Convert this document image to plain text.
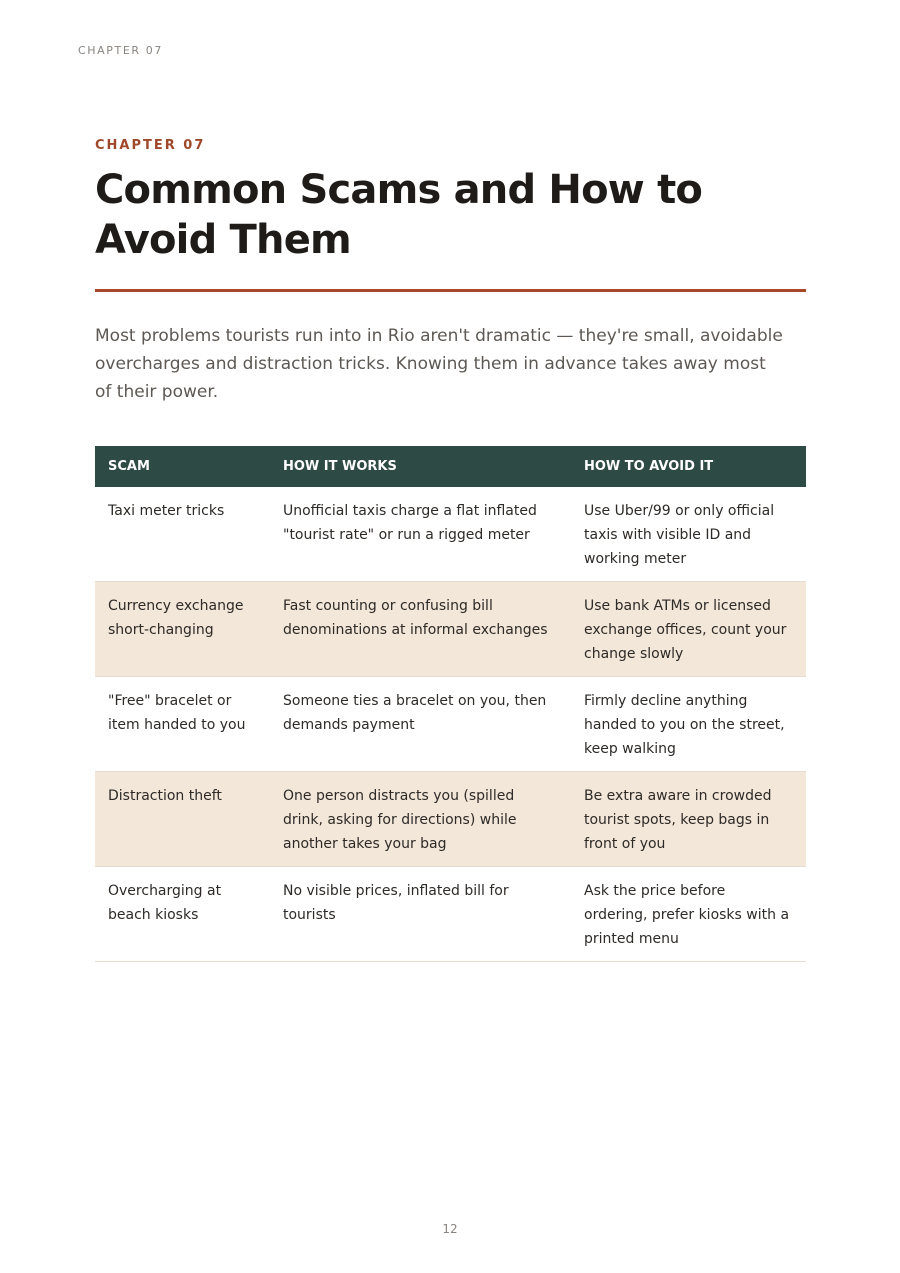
CHAPTER 07
CHAPTER 07
Common Scams and How to Avoid Them

Most problems tourists run into in Rio aren't dramatic — they're small, avoidable overcharges and distraction tricks. Knowing them in advance takes away most of their power.

SCAM	HOW IT WORKS	HOW TO AVOID IT
Taxi meter tricks	Unofficial taxis charge a flat inflated "tourist rate" or run a rigged meter	Use Uber/99 or only official taxis with visible ID and working meter
Currency exchange short-changing	Fast counting or confusing bill denominations at informal exchanges	Use bank ATMs or licensed exchange offices, count your change slowly
"Free" bracelet or item handed to you	Someone ties a bracelet on you, then demands payment	Firmly decline anything handed to you on the street, keep walking
Distraction theft	One person distracts you (spilled drink, asking for directions) while another takes your bag	Be extra aware in crowded tourist spots, keep bags in front of you
Overcharging at beach kiosks	No visible prices, inflated bill for tourists	Ask the price before ordering, prefer kiosks with a printed menu
12
